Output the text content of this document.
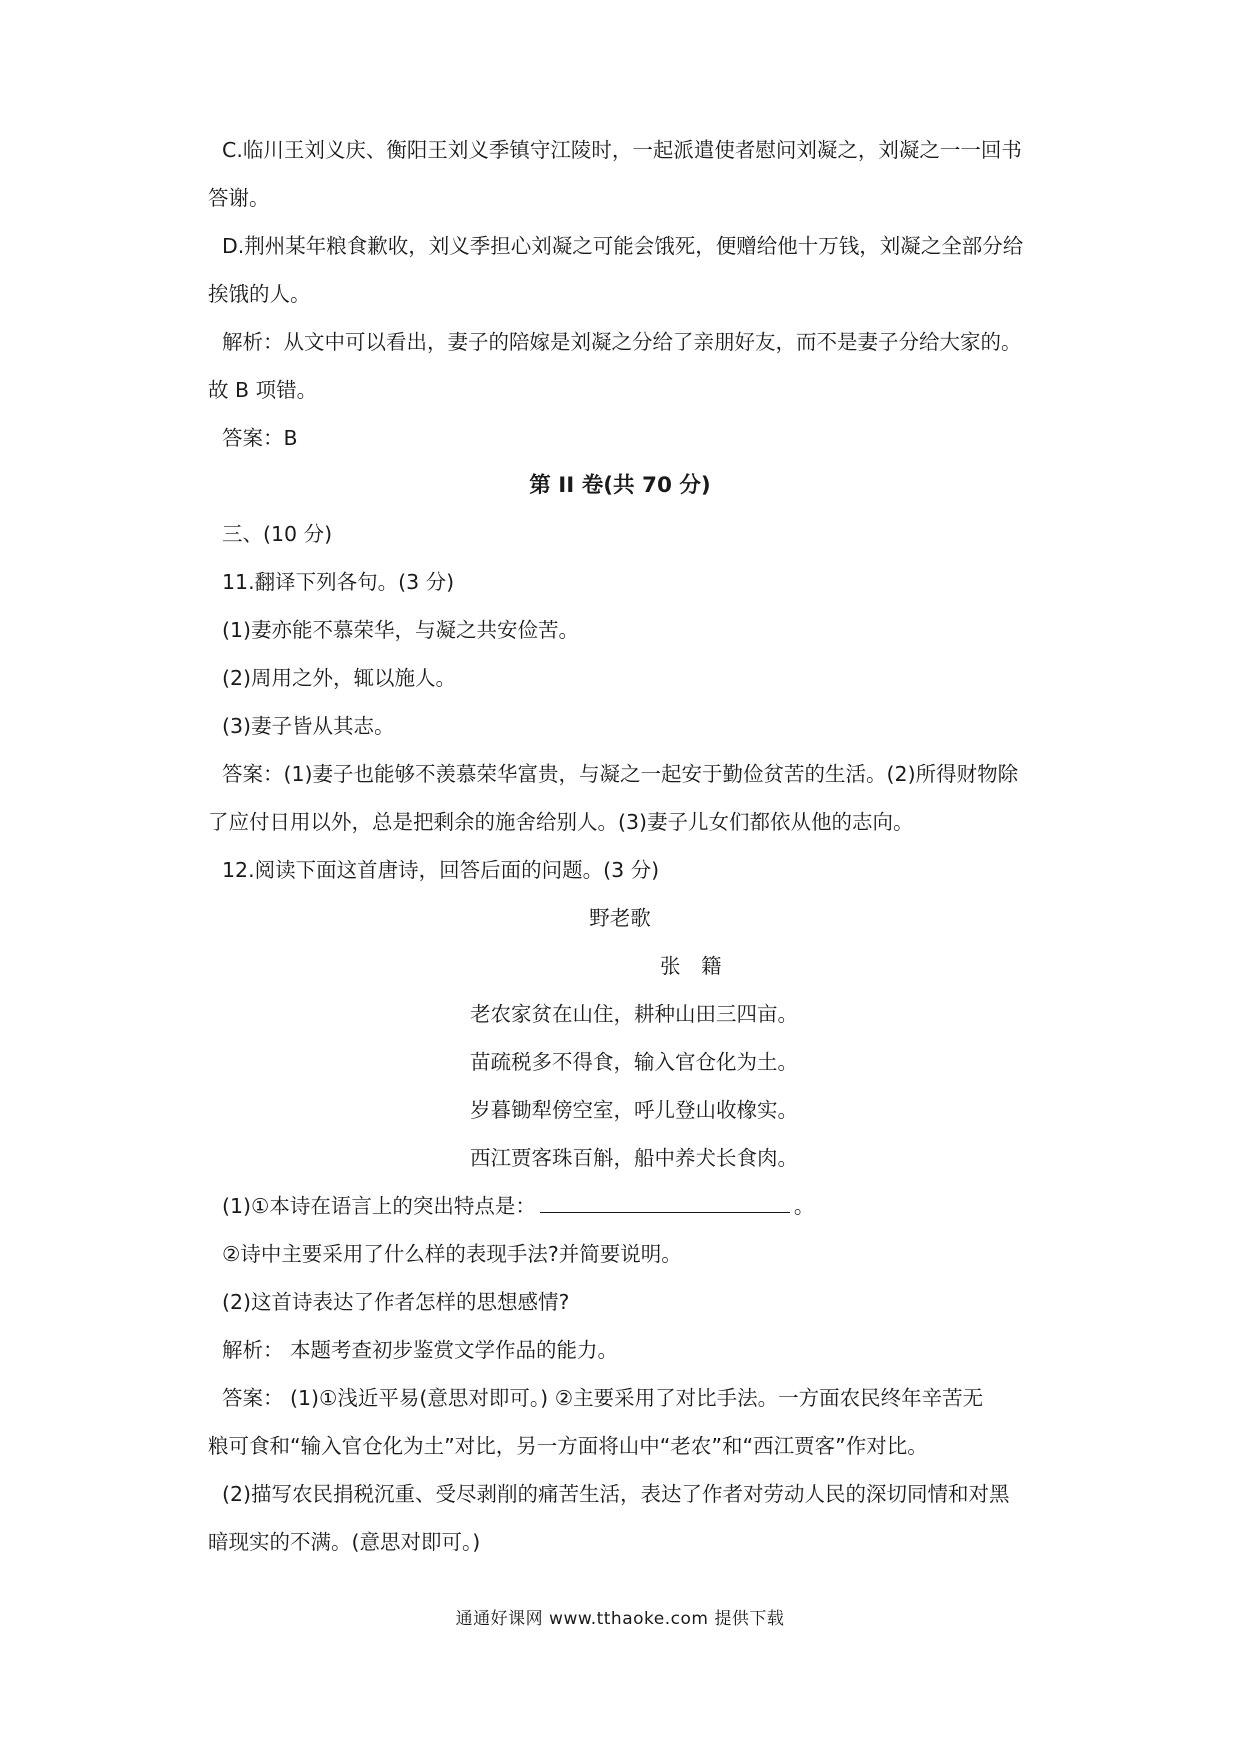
C.临川王刘义庆、衡阳王刘义季镇守江陵时，一起派遣使者慰问刘凝之，刘凝之一一回书

答谢。

D.荆州某年粮食歉收，刘义季担心刘凝之可能会饿死，便赠给他十万钱，刘凝之全部分给

挨饿的人。

解析：从文中可以看出，妻子的陪嫁是刘凝之分给了亲朋好友，而不是妻子分给大家的。

故 B 项错。

答案：B

第 II 卷(共 70 分)

三、(10 分)

11.翻译下列各句。(3 分)

(1)妻亦能不慕荣华，与凝之共安俭苦。

(2)周用之外，辄以施人。

(3)妻子皆从其志。

答案：(1)妻子也能够不羡慕荣华富贵，与凝之一起安于勤俭贫苦的生活。(2)所得财物除

了应付日用以外，总是把剩余的施舍给别人。(3)妻子儿女们都依从他的志向。

12.阅读下面这首唐诗，回答后面的问题。(3 分)

野老歌

张　籍

老农家贫在山住，耕种山田三四亩。

苗疏税多不得食，输入官仓化为土。

岁暮锄犁傍空室，呼儿登山收橡实。

西江贾客珠百斛，船中养犬长食肉。

(1)①本诗在语言上的突出特点是：	。

②诗中主要采用了什么样的表现手法?并简要说明。

(2)这首诗表达了作者怎样的思想感情?

解析： 本题考查初步鉴赏文学作品的能力。

答案： (1)①浅近平易(意思对即可。) ②主要采用了对比手法。一方面农民终年辛苦无

粮可食和“输入官仓化为土”对比，另一方面将山中“老农”和“西江贾客”作对比。

(2)描写农民捐税沉重、受尽剥削的痛苦生活，表达了作者对劳动人民的深切同情和对黑

暗现实的不满。(意思对即可。)

通通好课网 www.tthaoke.com 提供下载
